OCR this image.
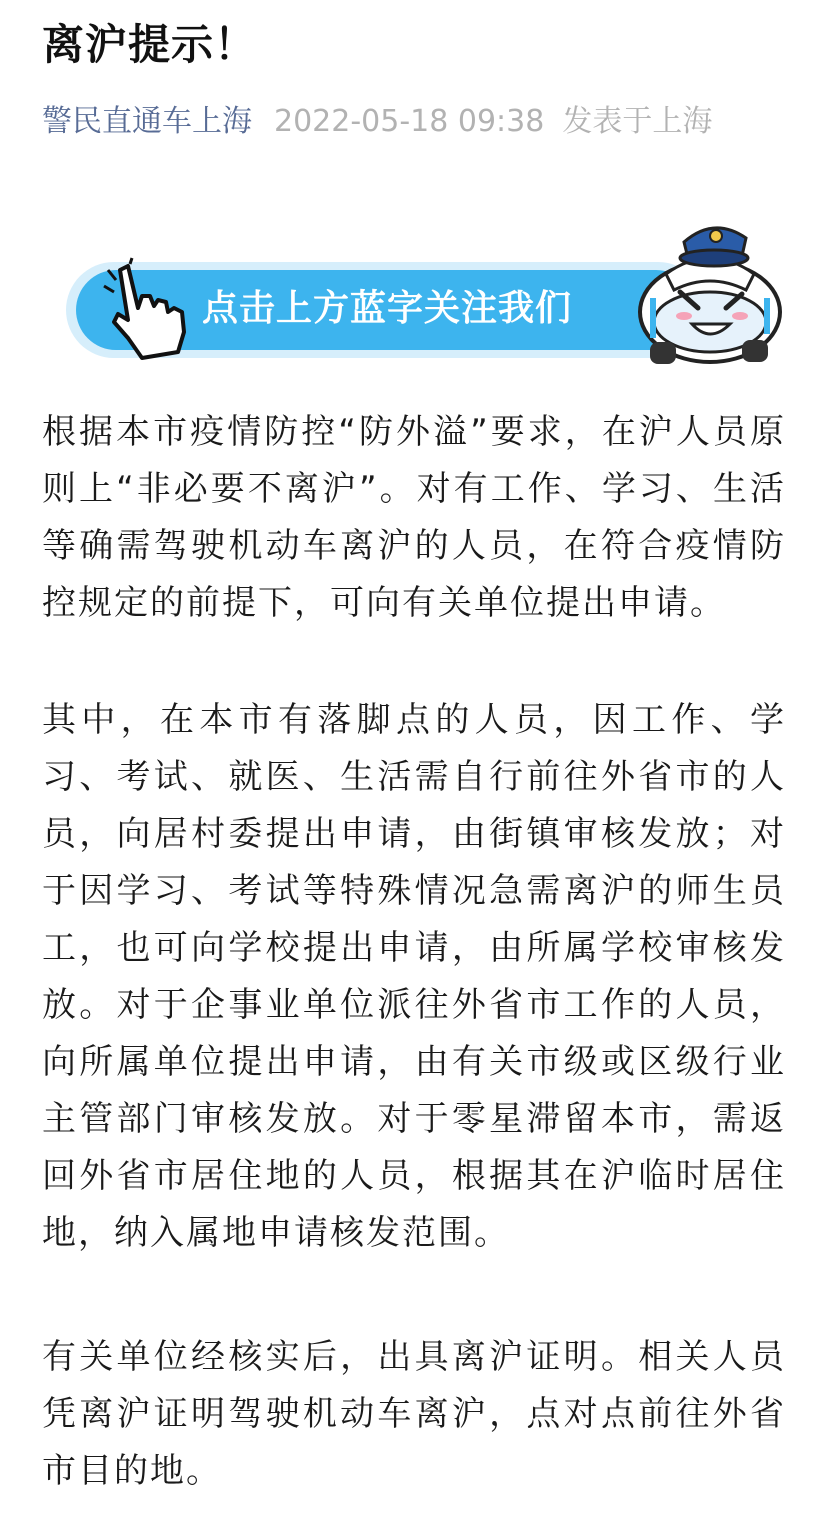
离沪提示！
警民直通车上海 2022-05-18 09:38 发表于上海
点击上方蓝字关注我们

根据本市疫情防控“防外溢”要求，在沪人员原则上“非必要不离沪”。对有工作、学习、生活等确需驾驶机动车离沪的人员，在符合疫情防控规定的前提下，可向有关单位提出申请。

其中，在本市有落脚点的人员，因工作、学习、考试、就医、生活需自行前往外省市的人员，向居村委提出申请，由街镇审核发放；对于因学习、考试等特殊情况急需离沪的师生员工，也可向学校提出申请，由所属学校审核发放。对于企事业单位派往外省市工作的人员，向所属单位提出申请，由有关市级或区级行业主管部门审核发放。对于零星滞留本市，需返回外省市居住地的人员，根据其在沪临时居住地，纳入属地申请核发范围。

有关单位经核实后，出具离沪证明。相关人员凭离沪证明驾驶机动车离沪，点对点前往外省市目的地。
